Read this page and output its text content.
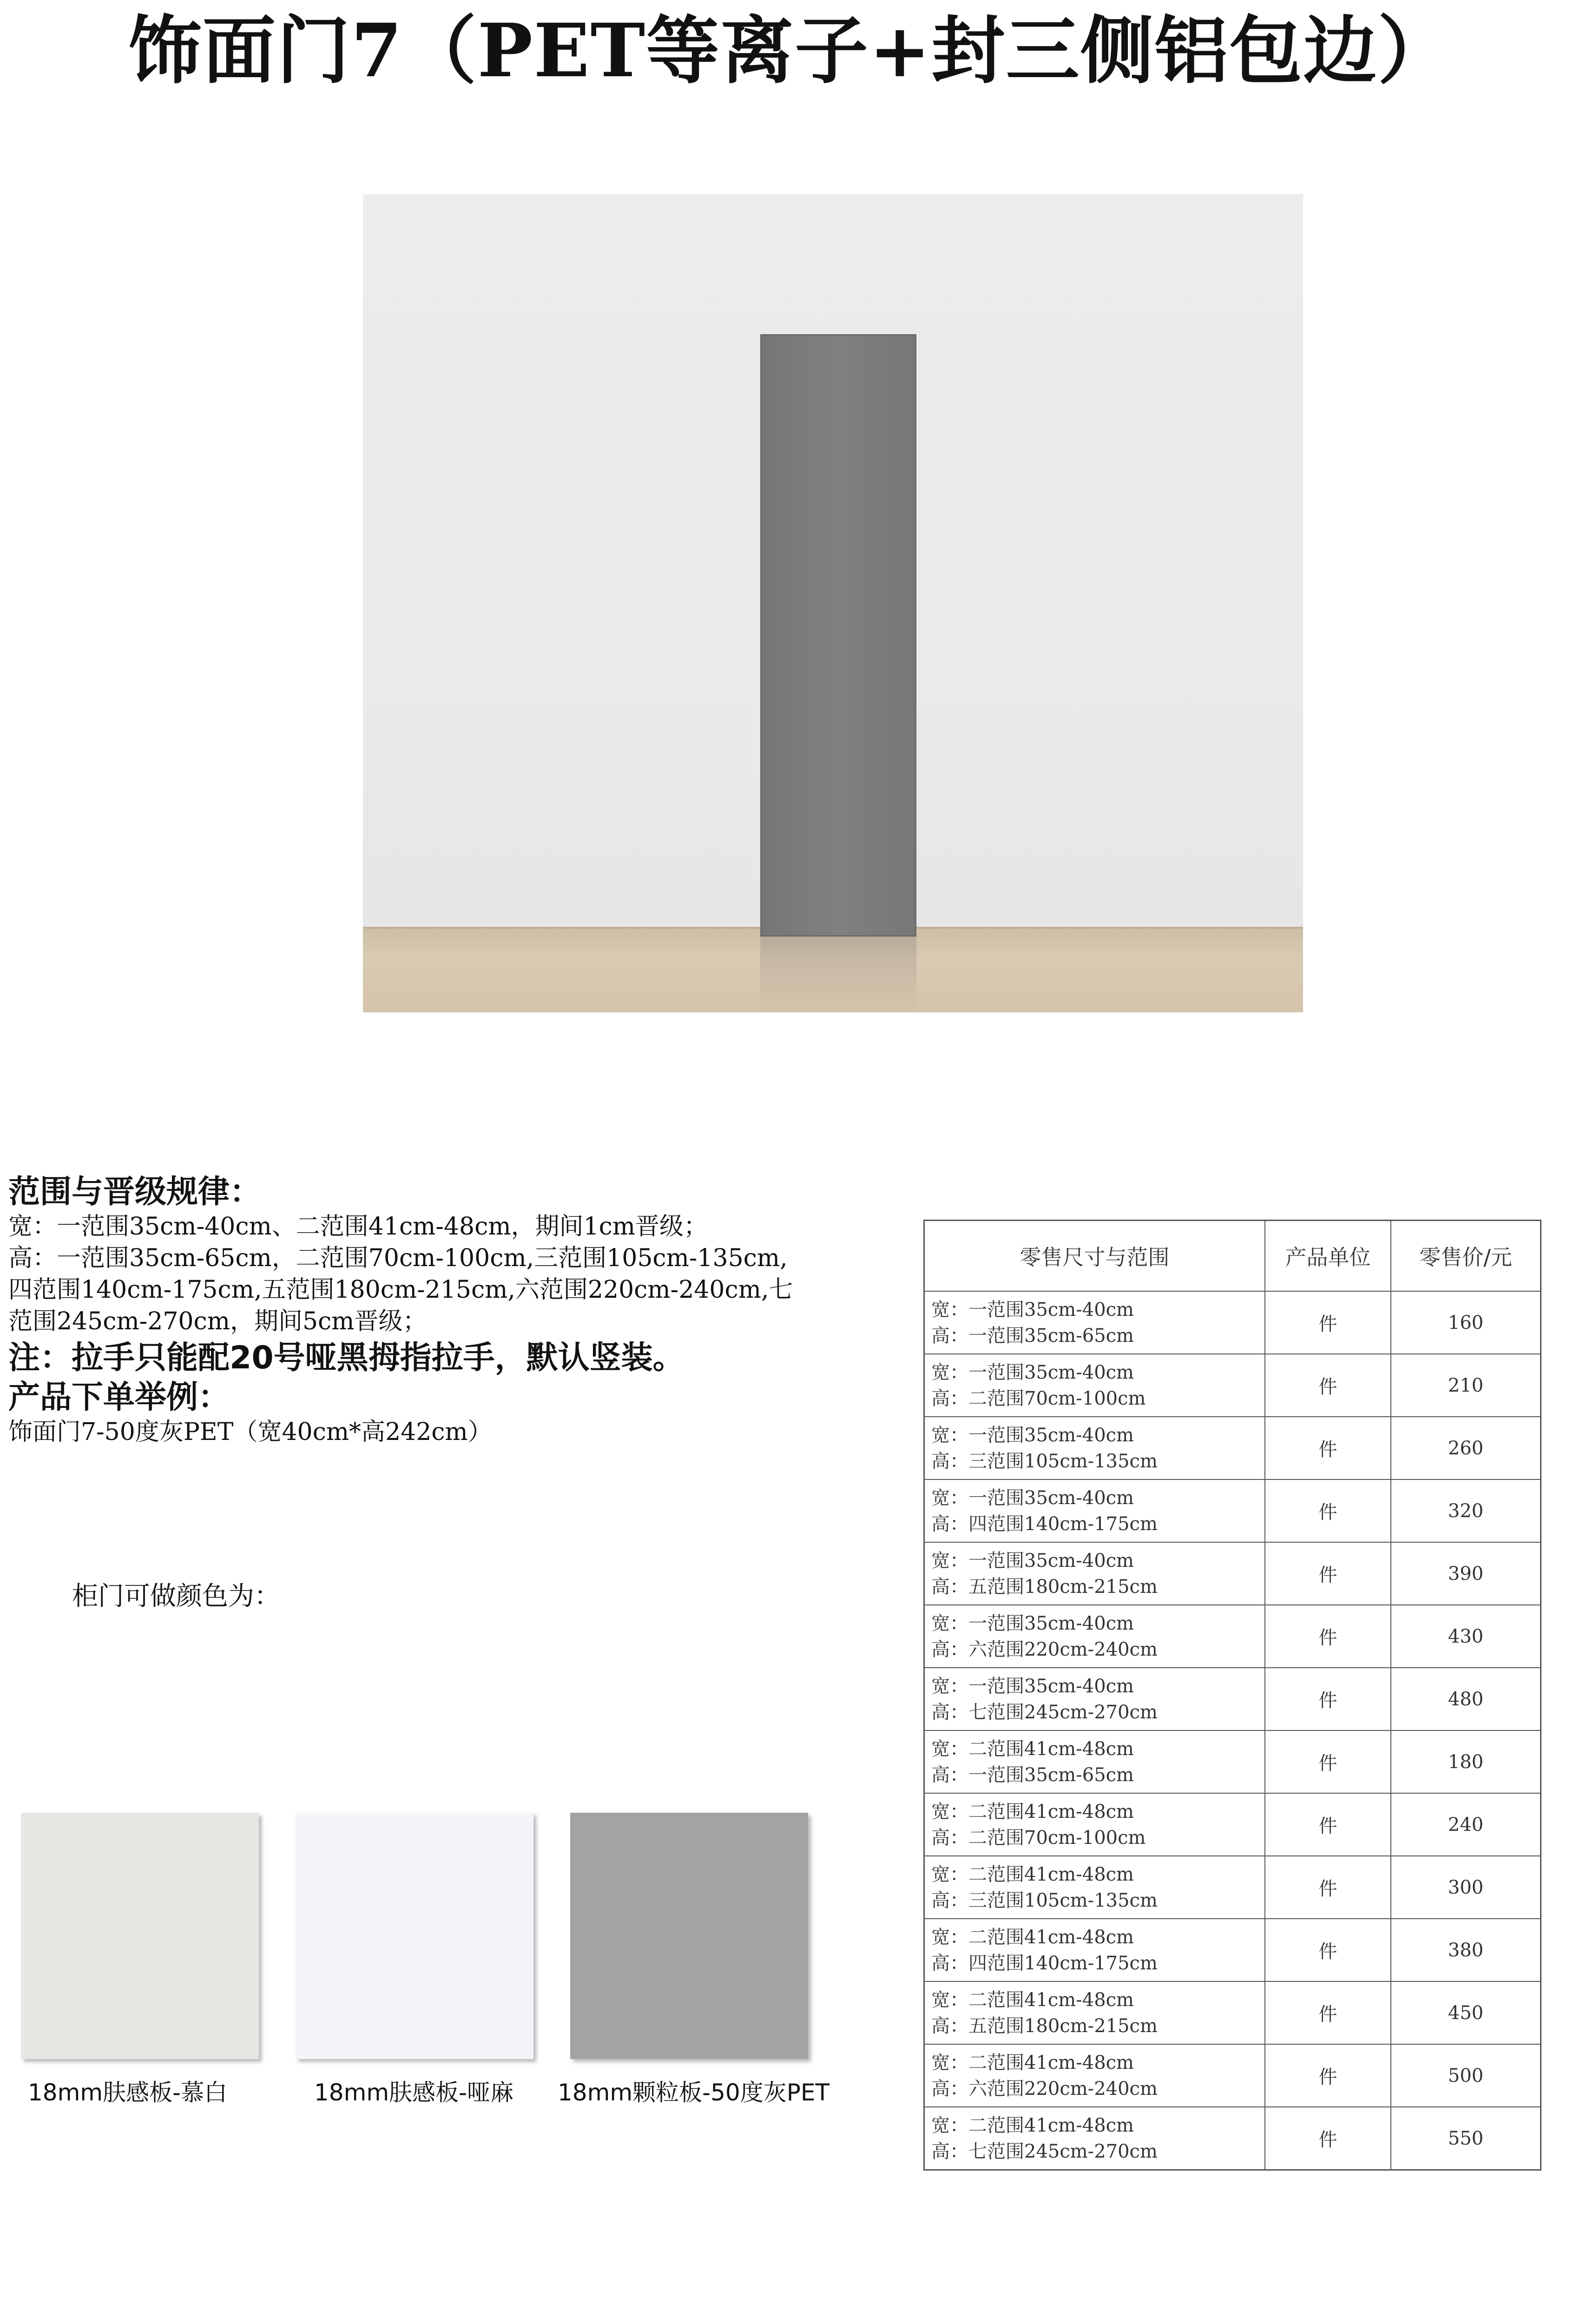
饰面门7（PET等离子+封三侧铝包边）
范围与晋级规律：
宽：一范围35cm-40cm、二范围41cm-48cm，期间1cm晋级；
高：一范围35cm-65cm，二范围70cm-100cm,三范围105cm-135cm,
四范围140cm-175cm,五范围180cm-215cm,六范围220cm-240cm,七
范围245cm-270cm，期间5cm晋级；
注：拉手只能配20号哑黑拇指拉手，默认竖装。
产品下单举例：
饰面门7-50度灰PET（宽40cm*高242cm）
柜门可做颜色为：
18mm肤感板-慕白	18mm肤感板-哑麻 18mm颗粒板-50度灰PET
零售尺寸与范围	产品单位	零售价/元

宽：一范围35cm-40cm
高：一范围35cm-65cm	件	160

宽：一范围35cm-40cm
高：二范围70cm-100cm	件	210

宽：一范围35cm-40cm
高：三范围105cm-135cm	件	260

宽：一范围35cm-40cm
高：四范围140cm-175cm	件	320

宽：一范围35cm-40cm
高：五范围180cm-215cm	件	390

宽：一范围35cm-40cm
高：六范围220cm-240cm	件	430

宽：一范围35cm-40cm
高：七范围245cm-270cm	件	480

宽：二范围41cm-48cm
高：一范围35cm-65cm	件	180

宽：二范围41cm-48cm
高：二范围70cm-100cm	件	240

宽：二范围41cm-48cm
高：三范围105cm-135cm	件	300

宽：二范围41cm-48cm
高：四范围140cm-175cm	件	380

宽：二范围41cm-48cm
高：五范围180cm-215cm	件	450

宽：二范围41cm-48cm
高：六范围220cm-240cm	件	500

宽：二范围41cm-48cm
高：七范围245cm-270cm	件	550
